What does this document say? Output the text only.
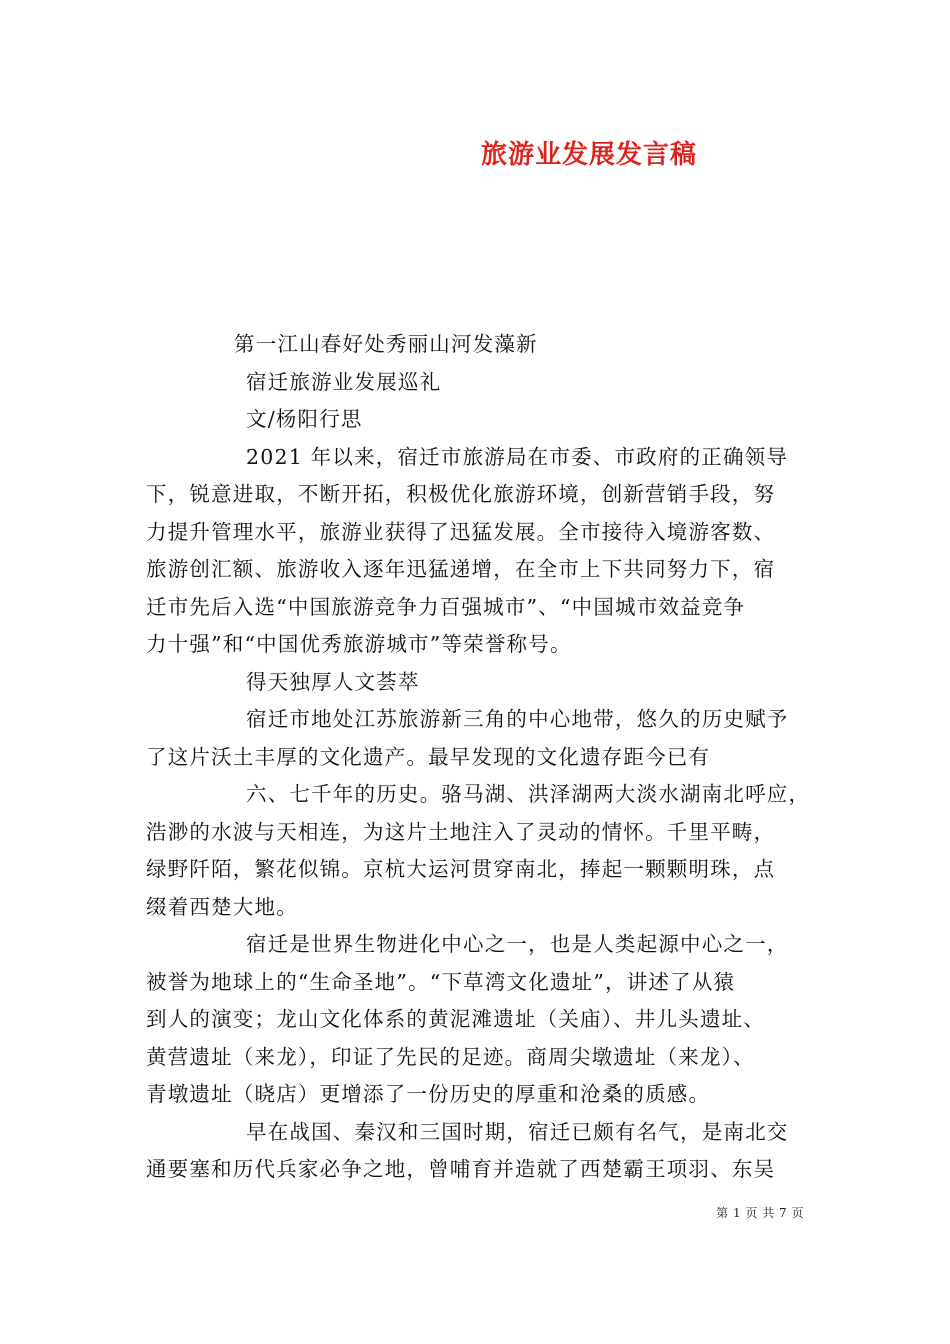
旅游业发展发言稿
第一江山春好处秀丽山河发藻新
宿迁旅游业发展巡礼
文/杨阳行思
2021 年以来，宿迁市旅游局在市委、市政府的正确领导
下，锐意进取，不断开拓，积极优化旅游环境，创新营销手段，努
力提升管理水平，旅游业获得了迅猛发展。全市接待入境游客数、
旅游创汇额、旅游收入逐年迅猛递增，在全市上下共同努力下，宿
迁市先后入选“中国旅游竞争力百强城市”、“中国城市效益竞争
力十强”和“中国优秀旅游城市”等荣誉称号。
得天独厚人文荟萃
宿迁市地处江苏旅游新三角的中心地带，悠久的历史赋予
了这片沃土丰厚的文化遗产。最早发现的文化遗存距今已有
六、七千年的历史。骆马湖、洪泽湖两大淡水湖南北呼应，
浩渺的水波与天相连，为这片土地注入了灵动的情怀。千里平畴，
绿野阡陌，繁花似锦。京杭大运河贯穿南北，捧起一颗颗明珠，点
缀着西楚大地。
宿迁是世界生物进化中心之一，也是人类起源中心之一，
被誉为地球上的“生命圣地”。“下草湾文化遗址”，讲述了从猿
到人的演变；龙山文化体系的黄泥滩遗址（关庙）、井儿头遗址、
黄营遗址（来龙），印证了先民的足迹。商周尖墩遗址（来龙）、
青墩遗址（晓店）更增添了一份历史的厚重和沧桑的质感。
早在战国、秦汉和三国时期，宿迁已颇有名气，是南北交
通要塞和历代兵家必争之地，曾哺育并造就了西楚霸王项羽、东吴
第 1 页 共 7 页
